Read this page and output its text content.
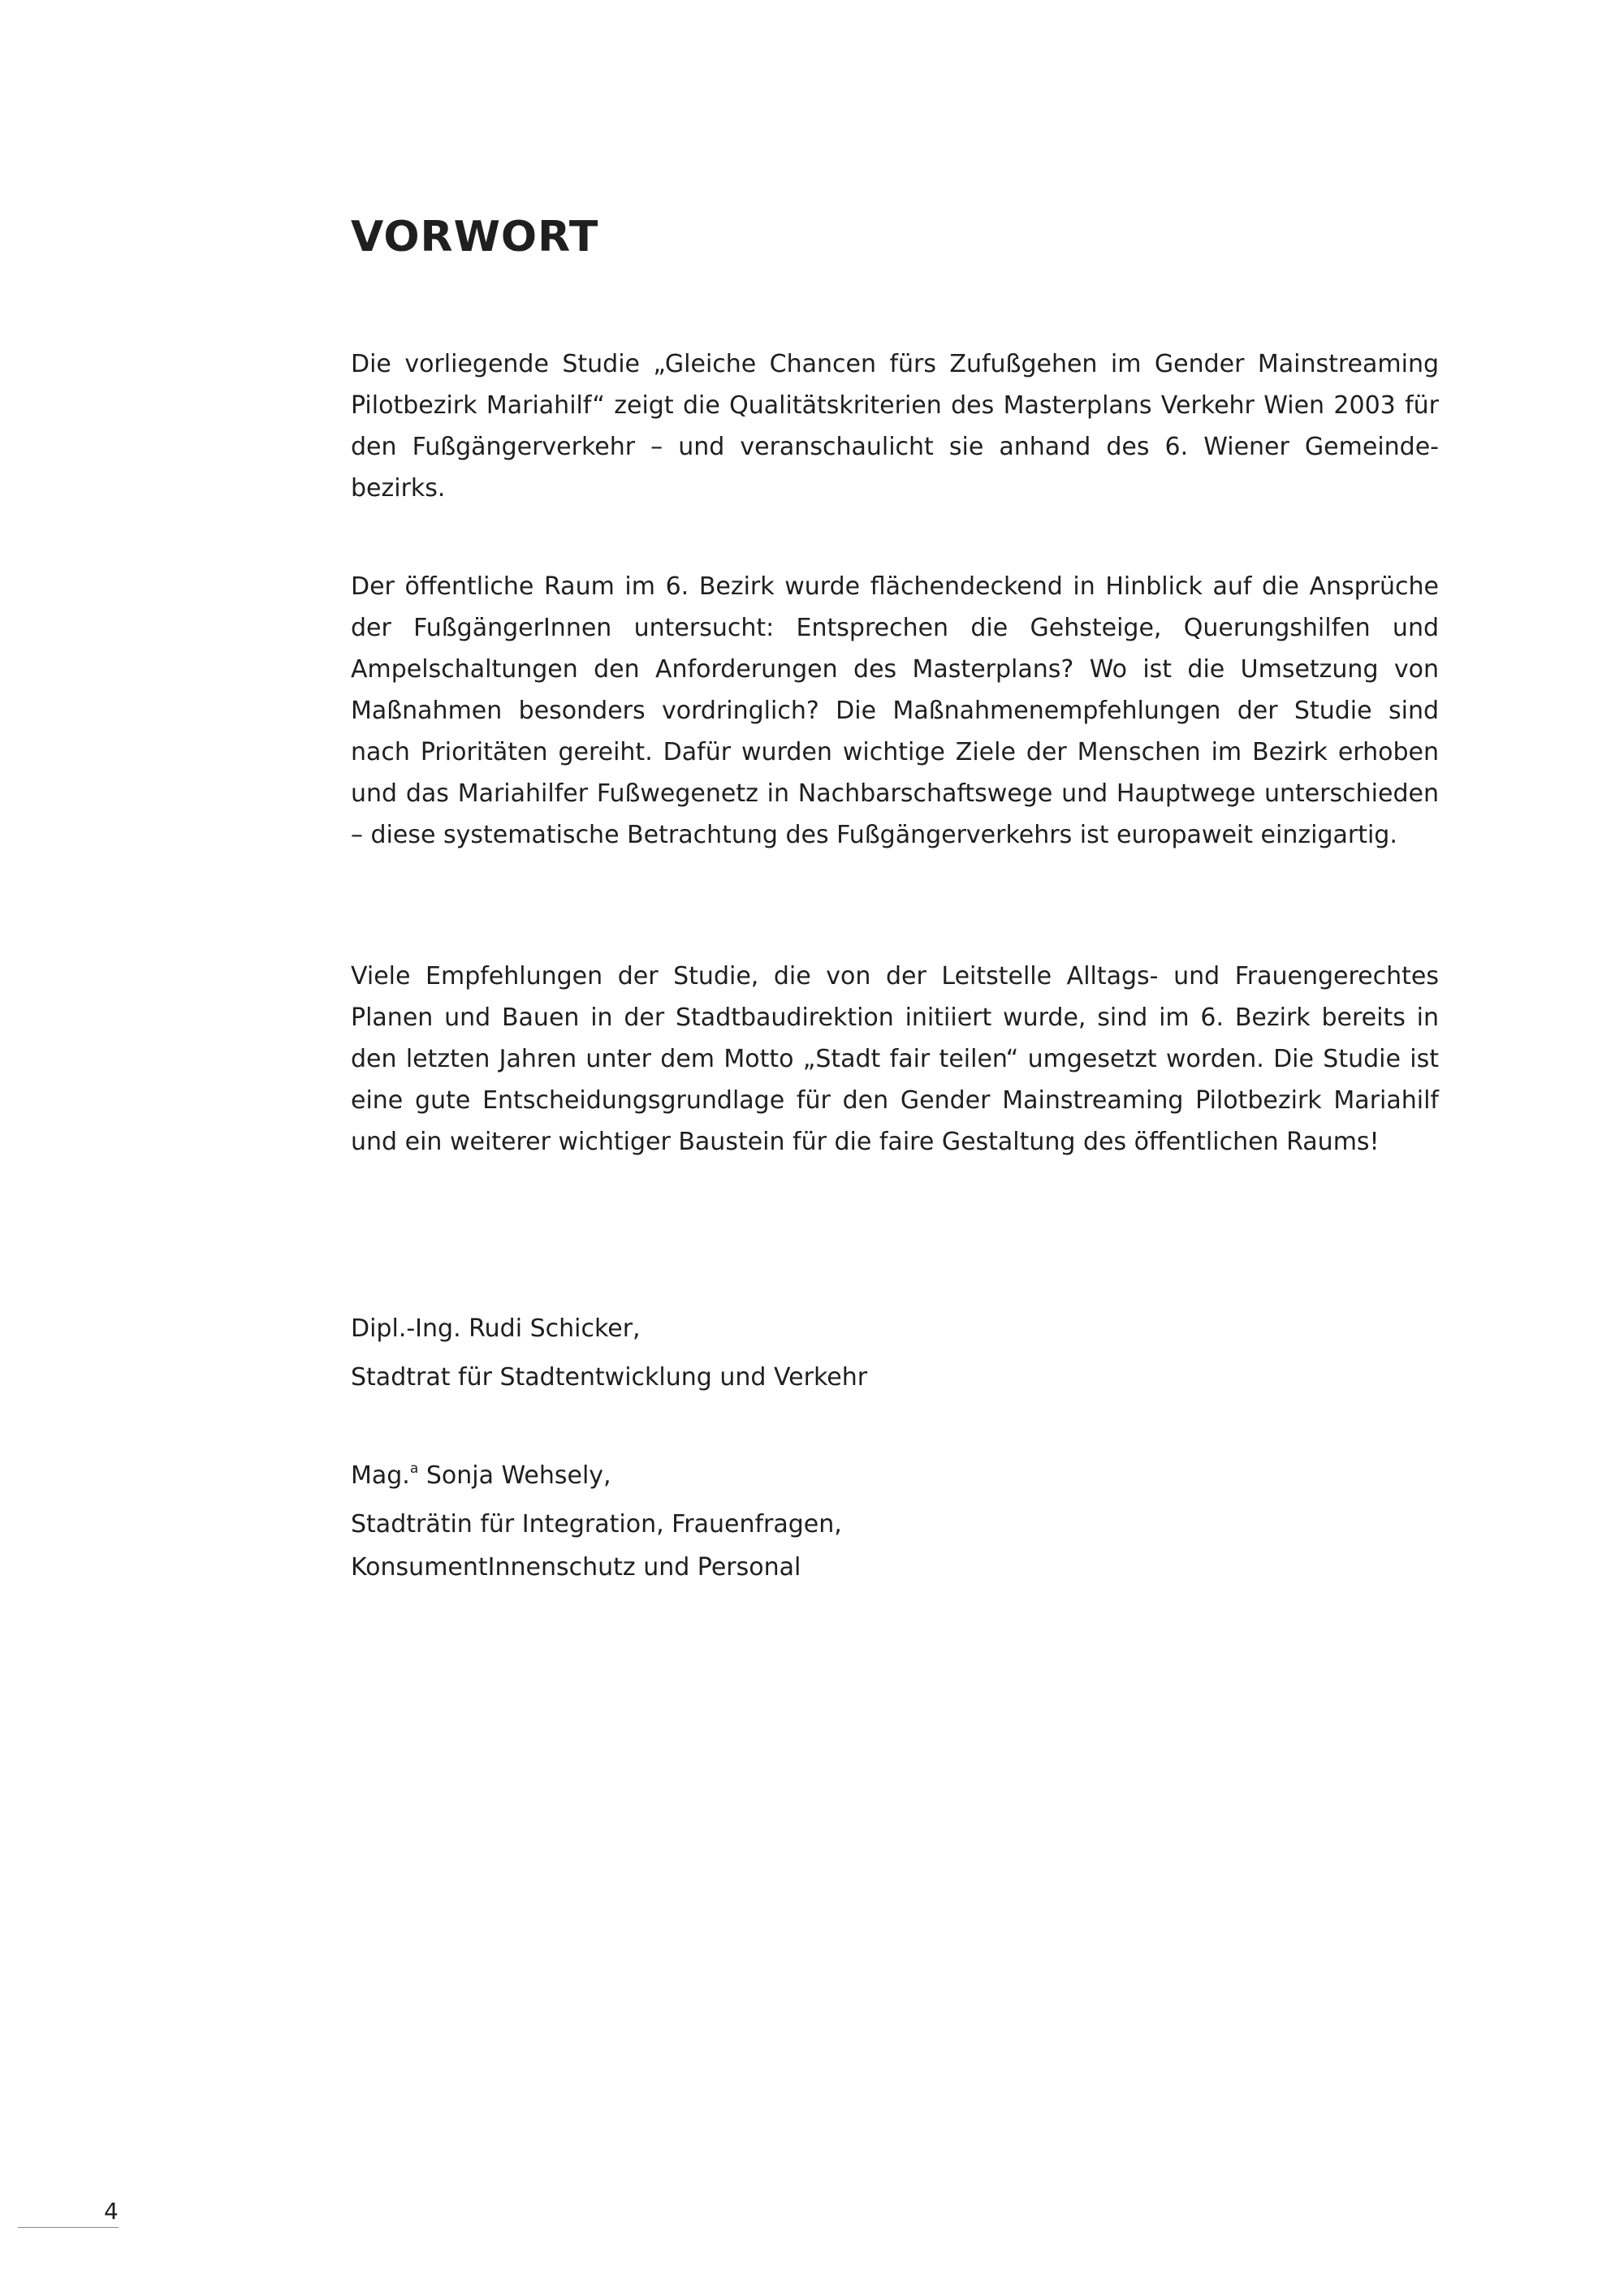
VORWORT

Die vorliegende Studie „Gleiche Chancen fürs Zufußgehen im Gender Mainstreaming Pilotbezirk Mariahilf“ zeigt die Qualitätskriterien des Masterplans Verkehr Wien 2003 für den Fußgängerverkehr – und veranschaulicht sie anhand des 6. Wiener Gemeindebezirks.

Der öffentliche Raum im 6. Bezirk wurde flächendeckend in Hinblick auf die Ansprüche der FußgängerInnen untersucht: Entsprechen die Gehsteige, Querungshilfen und Ampelschaltungen den Anforderungen des Masterplans? Wo ist die Umsetzung von Maßnahmen besonders vordringlich? Die Maßnahmenempfehlungen der Studie sind nach Prioritäten gereiht. Dafür wurden wichtige Ziele der Menschen im Bezirk erhoben und das Mariahilfer Fußwegenetz in Nachbarschaftswege und Hauptwege unterschieden – diese systematische Betrachtung des Fußgängerverkehrs ist europaweit einzigartig.

Viele Empfehlungen der Studie, die von der Leitstelle Alltags- und Frauengerechtes Planen und Bauen in der Stadtbaudirektion initiiert wurde, sind im 6. Bezirk bereits in den letzten Jahren unter dem Motto „Stadt fair teilen“ umgesetzt worden. Die Studie ist eine gute Entscheidungsgrundlage für den Gender Mainstreaming Pilotbezirk Mariahilf und ein weiterer wichtiger Baustein für die faire Gestaltung des öffentlichen Raums!

Dipl.-Ing. Rudi Schicker,

Stadtrat für Stadtentwicklung und Verkehr

Mag.$^a$ Sonja Wehsely,

Stadträtin für Integration, Frauenfragen,

KonsumentInnenschutz und Personal

4
